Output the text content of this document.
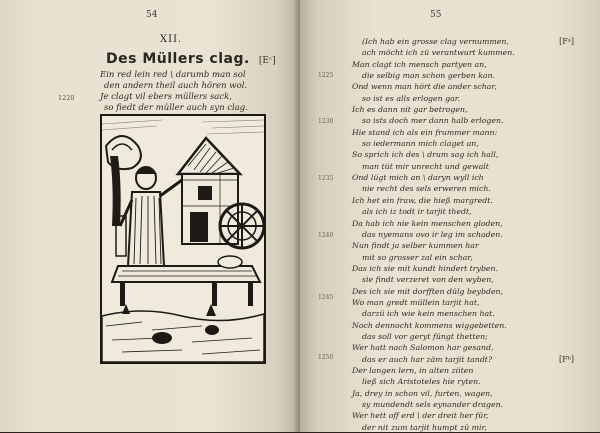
54
XII.
Des Müllers clag. [Eᶜ]
Ein red lein red \ darumb man sol
den andern theil auch hören wol.
Je clagt vil ebers müllers sack,
so fiedt der müller auch syn clag.
1220
55
1225
1230
1235
1240
1245
1250
(Ich hab ein grosse clag vernummen,	[Fᵃ]
ach möcht ich zü verantwurt kummen.
Man clagt ich mensch partyen an,
die selbig man schon gerben kan.
Ond wenn man hört die ander schar,
so ist es alls erlogen gar.
Ich es dann nit gar betrogen,
so ists doch mer dann halb erlogen.
Hie stand ich als ein frummer mann:
so iedermann mich claget an,
So sprich ich des \ drum sag ich hall,
man tüt mir unrecht und gewalt
Ond lügt mich an \ daryn wyll ich
nie recht des sels erweren mich.
Ich het ein fraw, die hieß margredt.
als ich iz todt ir tarjit thedt,
Da hab ich nie kein menschen gloden,
das nyemans ovo ir leg im schaden.
Nun findt ja selber kummen har
mit so grosser zal ein schar,
Das ich sie mit kundt hindert tryben.
sie findt verzeret von den wyben,
Des ich sie mit dorfften dülg beybden,
Wo man gredt müllein tarjit hat,
darzü ich wie kein menschen hat.
Noch dennocht kommens wiggebetten.
das soll vor geryt füngt thetten;
Wer hatt nach Salomon har gesand,
das er auch har zäm tarjit tandt?	[Fᵇ]
Der langen lern, in alten ziiten
ließ sich Aristoteles hie ryten.
Ja, drey in schon vil, furten, wagen,
sy mundendt sels eynander dragen.
Wer hett off erd \ der dreit her für,
der nit zum tarjit humpt zü mir,
